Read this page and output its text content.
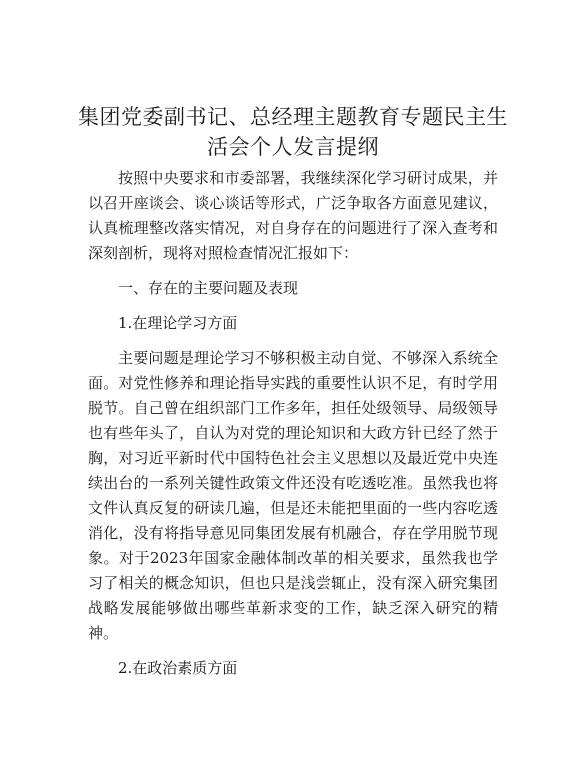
集团党委副书记、总经理主题教育专题民主生
活会个人发言提纲

按照中央要求和市委部署，我继续深化学习研讨成果，并以召开座谈会、谈心谈话等形式，广泛争取各方面意见建议，认真梳理整改落实情况，对自身存在的问题进行了深入查考和深刻剖析，现将对照检查情况汇报如下：

一、存在的主要问题及表现

1.在理论学习方面

主要问题是理论学习不够积极主动自觉、不够深入系统全面。对党性修养和理论指导实践的重要性认识不足，有时学用脱节。自己曾在组织部门工作多年，担任处级领导、局级领导也有些年头了，自认为对党的理论知识和大政方针已经了然于胸，对习近平新时代中国特色社会主义思想以及最近党中央连续出台的一系列关键性政策文件还没有吃透吃准。虽然我也将文件认真反复的研读几遍，但是还未能把里面的一些内容吃透消化，没有将指导意见同集团发展有机融合，存在学用脱节现象。对于2023年国家金融体制改革的相关要求，虽然我也学习了相关的概念知识，但也只是浅尝辄止，没有深入研究集团战略发展能够做出哪些革新求变的工作，缺乏深入研究的精神。

2.在政治素质方面
